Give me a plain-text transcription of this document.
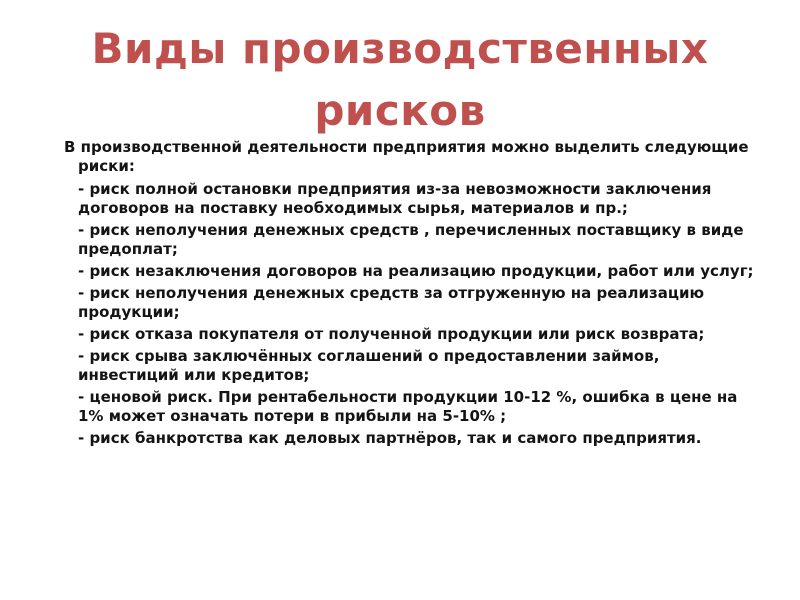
Виды производственных
рисков

В производственной деятельности предприятия можно выделить следующие риски:

- риск полной остановки предприятия из-за невозможности заключения договоров на поставку необходимых сырья, материалов и пр.;
- риск неполучения денежных средств , перечисленных поставщику в виде предоплат;
- риск незаключения договоров на реализацию продукции, работ или услуг;
- риск неполучения денежных средств за отгруженную на реализацию продукции;
- риск отказа покупателя от полученной продукции или риск возврата;
- риск срыва заключённых соглашений о предоставлении займов, инвестиций или кредитов;
- ценовой риск. При рентабельности продукции 10-12 %, ошибка в цене на 1% может означать потери в прибыли на 5-10% ;
- риск банкротства как деловых партнёров, так и самого предприятия.
